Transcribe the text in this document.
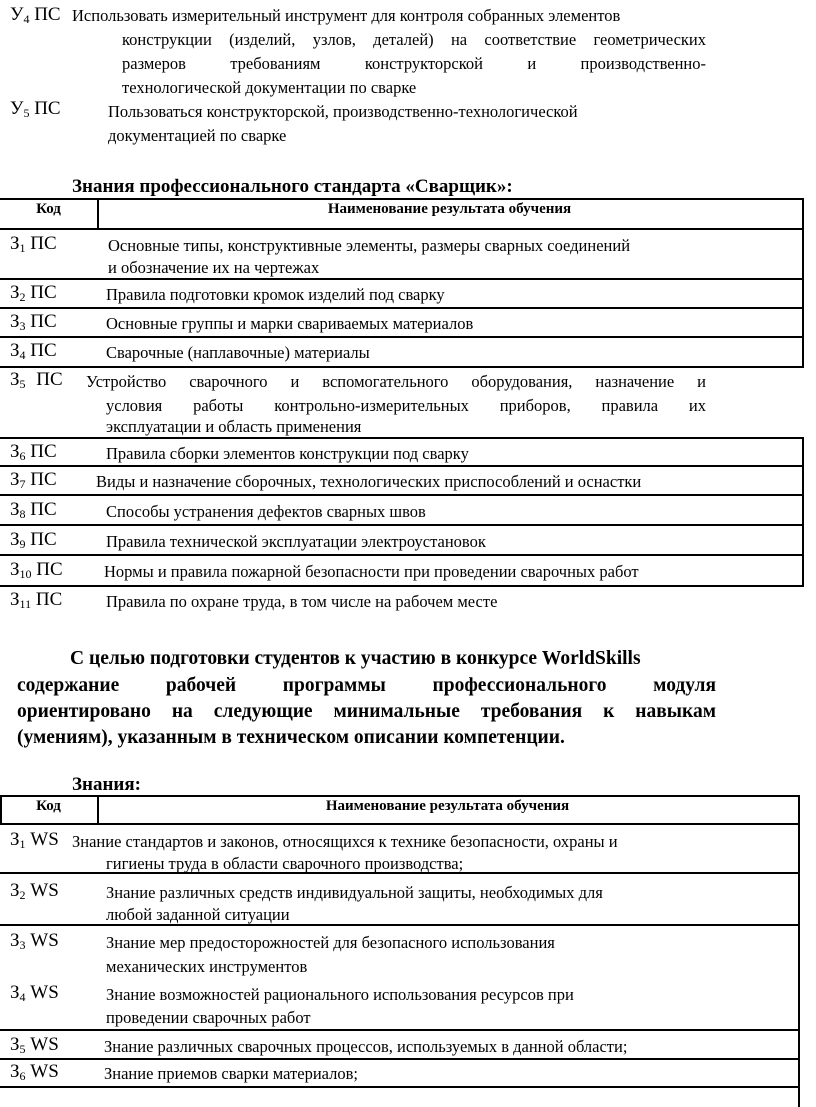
$У_4$ ПС Использовать измерительный инструмент для контроля собранных элементов
конструкции (изделий, узлов, деталей) на соответствие геометрических
размеров требованиям конструкторской и производственно-
технологической документации по сварке
$У_5$ ПС	Пользоваться конструкторской, производственно-технологической
документацией по сварке
Знания профессионального стандарта «Сварщик»:
Код	Наименование результата обучения
$З_1$ ПС	Основные типы, конструктивные элементы, размеры сварных соединений
и обозначение их на чертежах
$З_2$ ПС	Правила подготовки кромок изделий под сварку
$З_3$ ПС	Основные группы и марки свариваемых материалов
$З_4$ ПС	Сварочные (наплавочные) материалы
$З_5$ ПС Устройство сварочного и вспомогательного оборудования, назначение и
условия работы контрольно-измерительных приборов, правила их
эксплуатации и область применения
$З_6$ ПС	Правила сборки элементов конструкции под сварку
$З_7$ ПС Виды и назначение сборочных, технологических приспособлений и оснастки
$З_8$ ПС	Способы устранения дефектов сварных швов
$З_9$ ПС	Правила технической эксплуатации электроустановок
$З_{10}$ ПС	Нормы и правила пожарной безопасности при проведении сварочных работ
$З_{11}$ ПС	Правила по охране труда, в том числе на рабочем месте
С целью подготовки студентов к участию в конкурсе WorldSkills
содержание рабочей программы профессионального модуля
ориентировано на следующие минимальные требования к навыкам
(умениям), указанным в техническом описании компетенции.
Знания:
Код	Наименование результата обучения
$З_1$ WS Знание стандартов и законов, относящихся к технике безопасности, охраны и
гигиены труда в области сварочного производства;
$З_2$ WS	Знание различных средств индивидуальной защиты, необходимых для
любой заданной ситуации
$З_3$ WS	Знание мер предосторожностей для безопасного использования
механических инструментов
$З_4$ WS	Знание возможностей рационального использования ресурсов при
проведении сварочных работ
$З_5$ WS	Знание различных сварочных процессов, используемых в данной области;
$З_6$ WS	Знание приемов сварки материалов;
